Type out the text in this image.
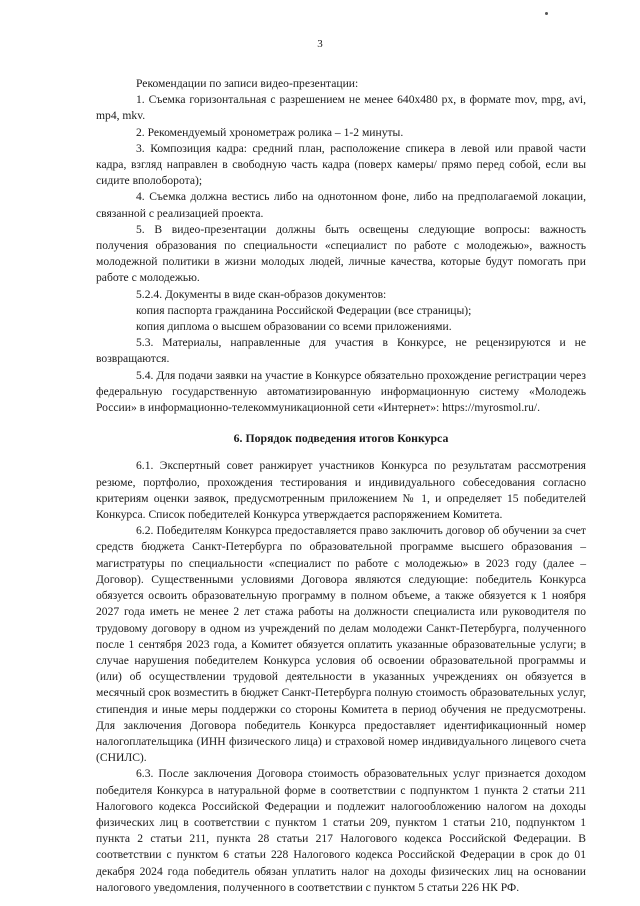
3

Рекомендации по записи видео-презентации:

1. Съемка горизонтальная с разрешением не менее 640x480 px, в формате mov, mpg, avi, mp4, mkv.

2. Рекомендуемый хронометраж ролика – 1-2 минуты.

3. Композиция кадра: средний план, расположение спикера в левой или правой части кадра, взгляд направлен в свободную часть кадра (поверх камеры/ прямо перед собой, если вы сидите вполоборота);

4. Съемка должна вестись либо на однотонном фоне, либо на предполагаемой локации, связанной с реализацией проекта.

5. В видео-презентации должны быть освещены следующие вопросы: важность получения образования по специальности «специалист по работе с молодежью», важность молодежной политики в жизни молодых людей, личные качества, которые будут помогать при работе с молодежью.

5.2.4. Документы в виде скан-образов документов:

копия паспорта гражданина Российской Федерации (все страницы);

копия диплома о высшем образовании со всеми приложениями.

5.3. Материалы, направленные для участия в Конкурсе, не рецензируются и не возвращаются.

5.4. Для подачи заявки на участие в Конкурсе обязательно прохождение регистрации через федеральную государственную автоматизированную информационную систему «Молодежь России» в информационно-телекоммуникационной сети «Интернет»: https://myrosmol.ru/.

6. Порядок подведения итогов Конкурса

6.1. Экспертный совет ранжирует участников Конкурса по результатам рассмотрения резюме, портфолио, прохождения тестирования и индивидуального собеседования согласно критериям оценки заявок, предусмотренным приложением № 1, и определяет 15 победителей Конкурса. Список победителей Конкурса утверждается распоряжением Комитета.

6.2. Победителям Конкурса предоставляется право заключить договор об обучении за счет средств бюджета Санкт-Петербурга по образовательной программе высшего образования – магистратуры по специальности «специалист по работе с молодежью» в 2023 году (далее – Договор). Существенными условиями Договора являются следующие: победитель Конкурса обязуется освоить образовательную программу в полном объеме, а также обязуется к 1 ноября 2027 года иметь не менее 2 лет стажа работы на должности специалиста или руководителя по трудовому договору в одном из учреждений по делам молодежи Санкт-Петербурга, полученного после 1 сентября 2023 года, а Комитет обязуется оплатить указанные образовательные услуги; в случае нарушения победителем Конкурса условия об освоении образовательной программы и (или) об осуществлении трудовой деятельности в указанных учреждениях он обязуется в месячный срок возместить в бюджет Санкт-Петербурга полную стоимость образовательных услуг, стипендия и иные меры поддержки со стороны Комитета в период обучения не предусмотрены. Для заключения Договора победитель Конкурса предоставляет идентификационный номер налогоплательщика (ИНН физического лица) и страховой номер индивидуального лицевого счета (СНИЛС).

6.3. После заключения Договора стоимость образовательных услуг признается доходом победителя Конкурса в натуральной форме в соответствии с подпунктом 1 пункта 2 статьи 211 Налогового кодекса Российской Федерации и подлежит налогообложению налогом на доходы физических лиц в соответствии с пунктом 1 статьи 209, пунктом 1 статьи 210, подпунктом 1 пункта 2 статьи 211, пункта 28 статьи 217 Налогового кодекса Российской Федерации. В соответствии с пунктом 6 статьи 228 Налогового кодекса Российской Федерации в срок до 01 декабря 2024 года победитель обязан уплатить налог на доходы физических лиц на основании налогового уведомления, полученного в соответствии с пунктом 5 статьи 226 НК РФ.
